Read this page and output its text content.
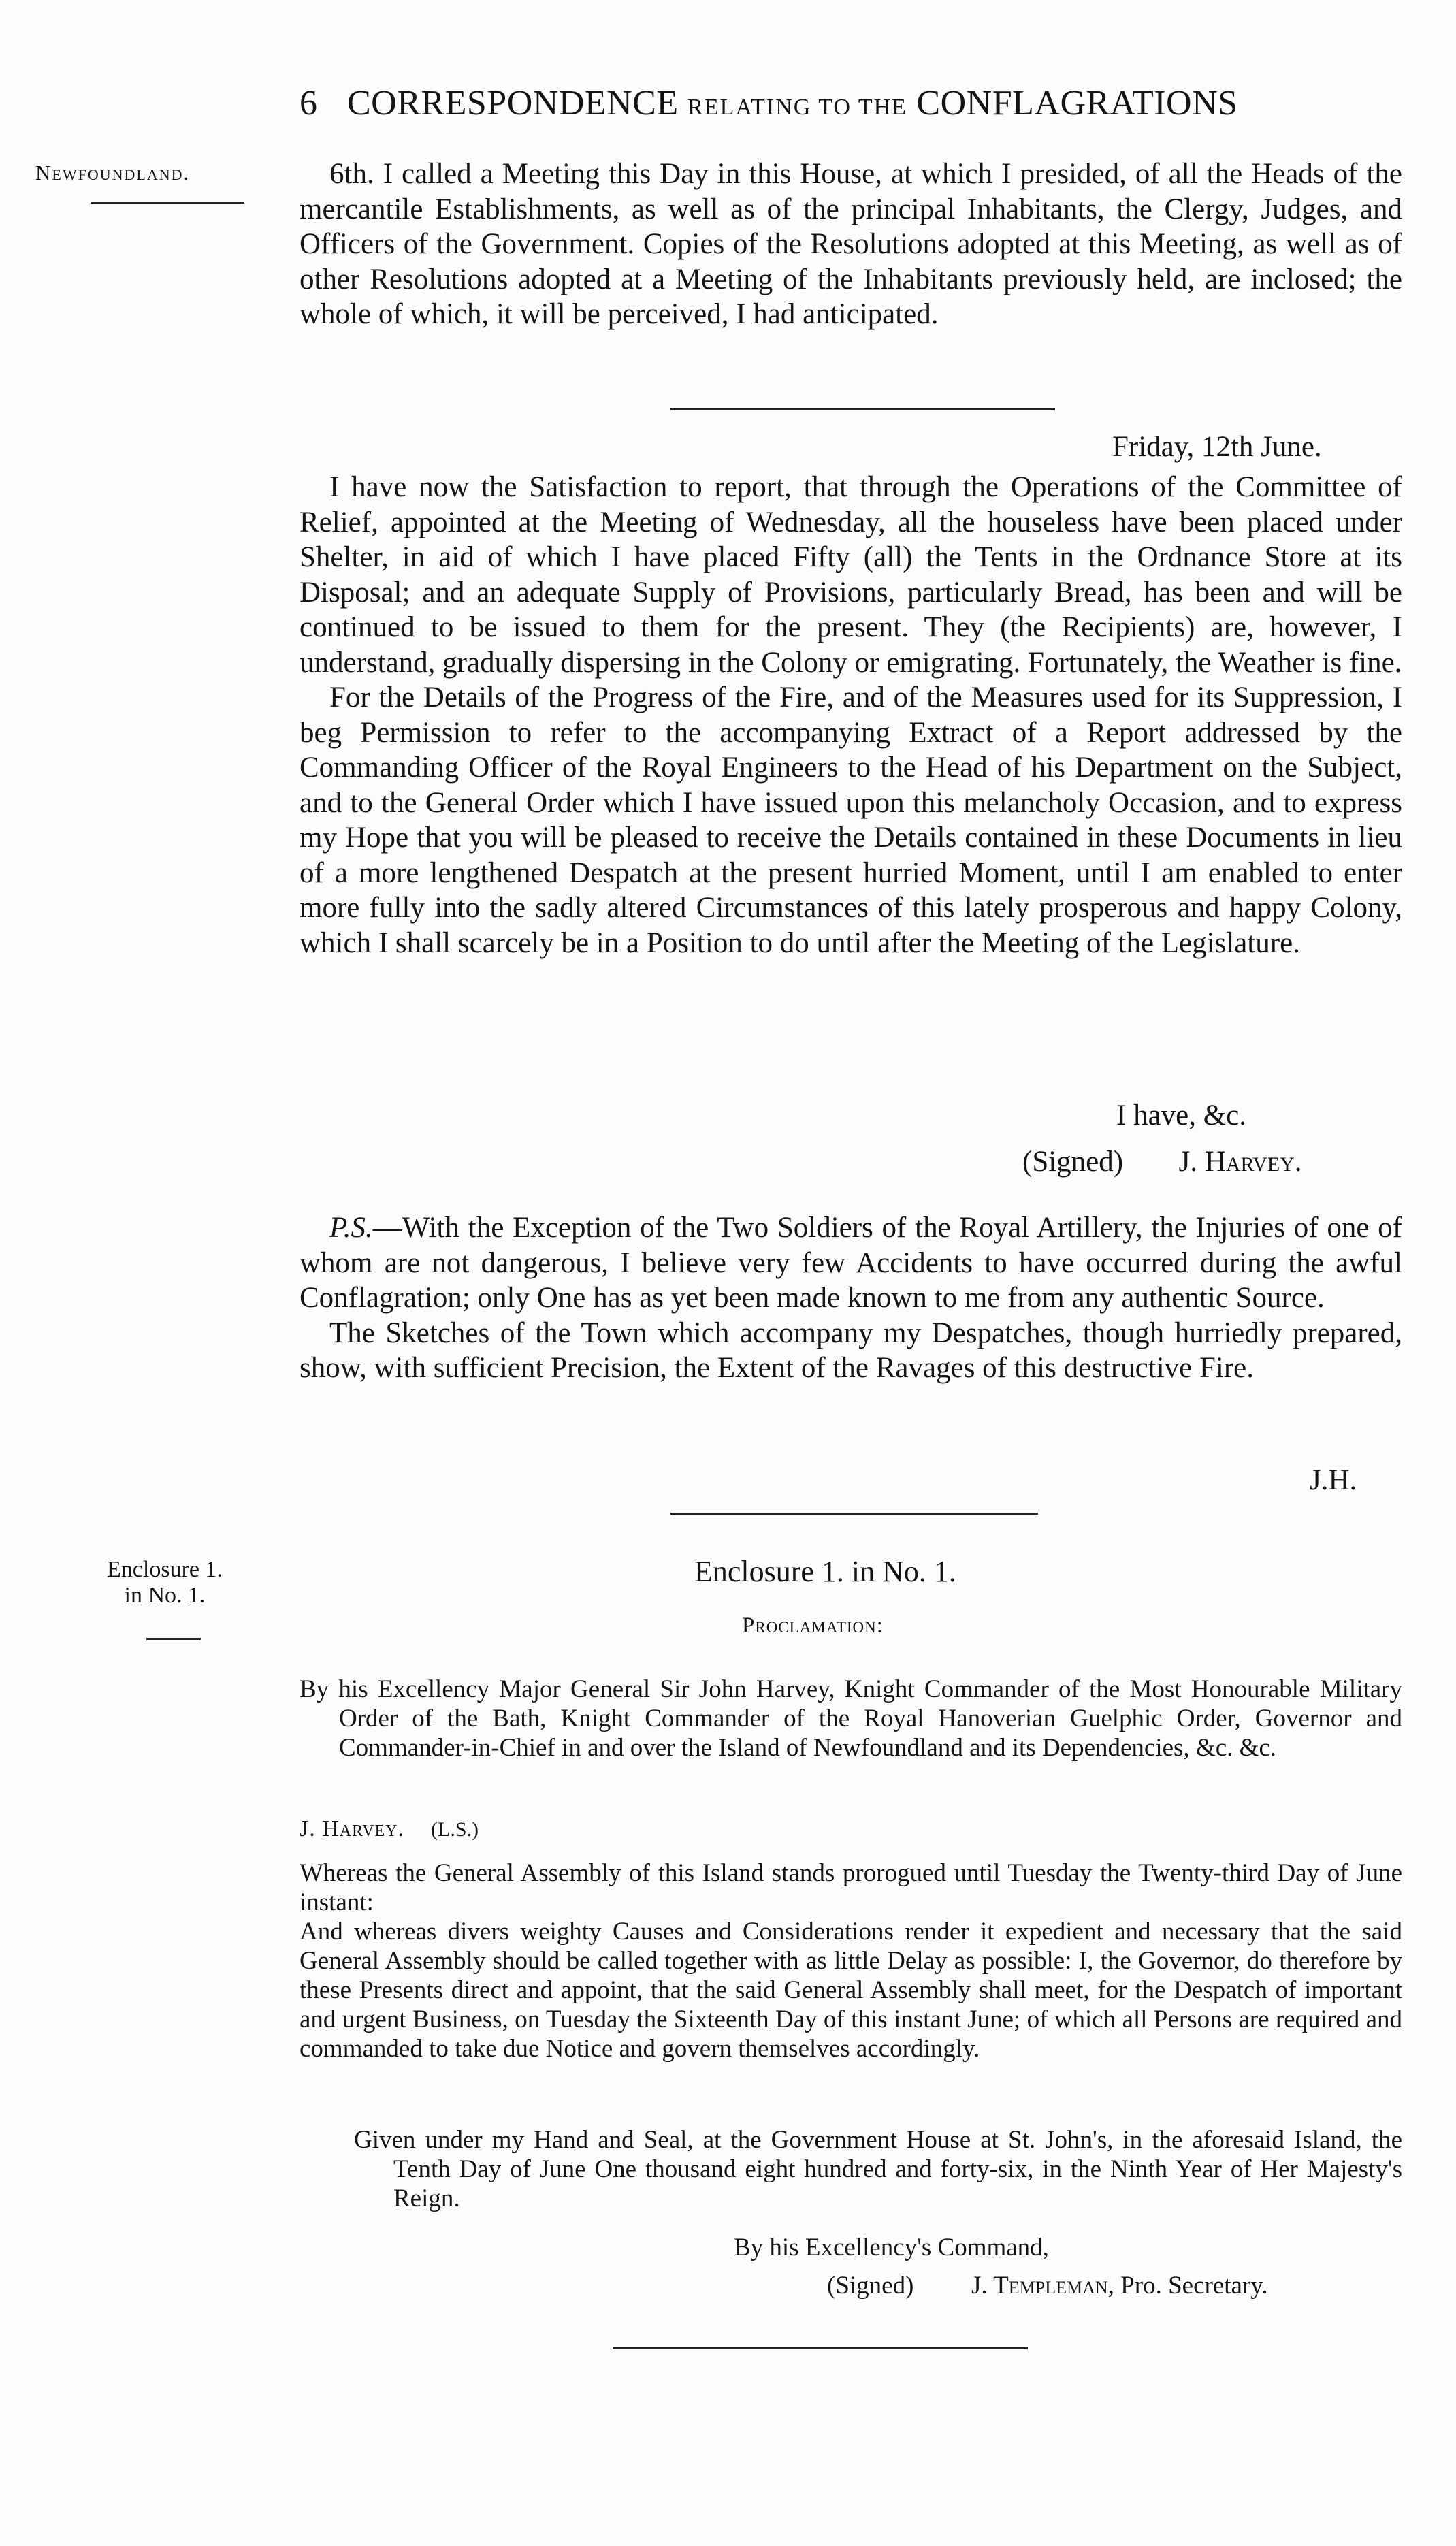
6 CORRESPONDENCE RELATING TO THE CONFLAGRATIONS
Newfoundland.	6th. I called a Meeting this Day in this House, at which I presided, of all the Heads of the mercantile Establishments, as well as of the principal Inhabitants, the Clergy, Judges, and Officers of the Government. Copies of the Resolutions adopted at this Meeting, as well as of other Resolutions adopted at a Meeting of the Inhabitants previously held, are inclosed; the whole of which, it will be perceived, I had anticipated.

Friday, 12th June.

I have now the Satisfaction to report, that through the Operations of the Committee of Relief, appointed at the Meeting of Wednesday, all the houseless have been placed under Shelter, in aid of which I have placed Fifty (all) the Tents in the Ordnance Store at its Disposal; and an adequate Supply of Provisions, particularly Bread, has been and will be continued to be issued to them for the present. They (the Recipients) are, however, I understand, gradually dispersing in the Colony or emigrating. Fortunately, the Weather is fine.

For the Details of the Progress of the Fire, and of the Measures used for its Suppression, I beg Permission to refer to the accompanying Extract of a Report addressed by the Commanding Officer of the Royal Engineers to the Head of his Department on the Subject, and to the General Order which I have issued upon this melancholy Occasion, and to express my Hope that you will be pleased to receive the Details contained in these Documents in lieu of a more lengthened Despatch at the present hurried Moment, until I am enabled to enter more fully into the sadly altered Circumstances of this lately prosperous and happy Colony, which I shall scarcely be in a Position to do until after the Meeting of the Legislature.

I have, &c.
(Signed) J. Harvey.

P.S.—With the Exception of the Two Soldiers of the Royal Artillery, the Injuries of one of whom are not dangerous, I believe very few Accidents to have occurred during the awful Conflagration; only One has as yet been made known to me from any authentic Source.

The Sketches of the Town which accompany my Despatches, though hurriedly prepared, show, with sufficient Precision, the Extent of the Ravages of this destructive Fire.

J.H.
Enclosure 1. in No. 1.
Enclosure 1. in No. 1.
Proclamation:

By his Excellency Major General Sir John Harvey, Knight Commander of the Most Honourable Military Order of the Bath, Knight Commander of the Royal Hanoverian Guelphic Order, Governor and Commander-in-Chief in and over the Island of Newfoundland and its Dependencies, &c. &c.

J. Harvey. (L.S.)

Whereas the General Assembly of this Island stands prorogued until Tuesday the Twenty-third Day of June instant:

And whereas divers weighty Causes and Considerations render it expedient and necessary that the said General Assembly should be called together with as little Delay as possible: I, the Governor, do therefore by these Presents direct and appoint, that the said General Assembly shall meet, for the Despatch of important and urgent Business, on Tuesday the Sixteenth Day of this instant June; of which all Persons are required and commanded to take due Notice and govern themselves accordingly.

Given under my Hand and Seal, at the Government House at St. John's, in the aforesaid Island, the Tenth Day of June One thousand eight hundred and forty-six, in the Ninth Year of Her Majesty's Reign.

By his Excellency's Command,
(Signed) J. Templeman, Pro. Secretary.
